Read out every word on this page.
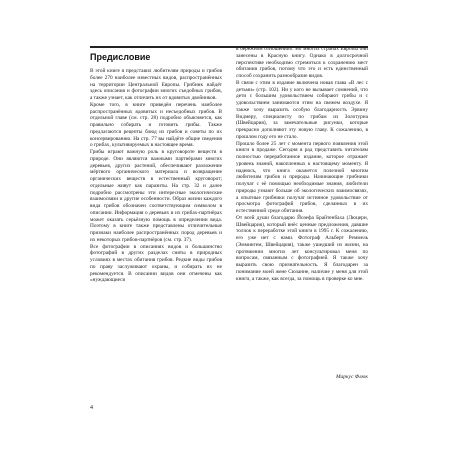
Предисловие

В этой книге я представил любителям природы и грибов более 270 наиболее известных видов, распространённых на территории Центральной Европы. Грибник найдёт здесь описания и фотографии многих съедобных грибов, а также узнает, как отличить их от ядовитых двойников.

Кроме того, в книге приведён перечень наиболее распространённых ядовитых и несъедобных грибов. В отдельной главе (см. стр. 28) подробно объясняется, как правильно собирать и готовить грибы. Также предлагаются рецепты блюд из грибов и советы по их консервированию. На стр. 77 вы найдёте общие сведения о грибах, культивируемых в настоящее время.

Грибы играют важную роль в круговороте веществ в природе. Они являются важными партнёрами многих деревьев, других растений, обеспечивают разложение мёртвого органического материала и возвращение органических веществ в естественный круговорот; отдельные живут как паразиты. На стр. 32 и далее подробно рассмотрены эти интересные экологические взаимосвязи и другие особенности. Образ жизни каждого вида грибов обозначен соответствующим символом в описании. Информация о деревьях и их грибах-партнёрах может оказать серьёзную помощь в определении вида. Поэтому в книге также представлены отличительные признаки наиболее распространённых пород деревьев и их некоторых грибов-партнёров (см. стр. 37).

Все фотографии в описаниях видов и большинство фотографий в других разделах сняты в природных условиях в местах обитания грибов. Редкие виды грибов по праву заслуживают охраны, и собирать их не рекомендуется. В описании видов они отмечены как «нуждающиеся

в бережном отношении». Во многих странах Европы они занесены в Красную книгу. Однако в долгосрочной перспективе необходимо стремиться к сохранению мест обитания грибов, потому что это и есть единственный способ сохранить разнообразие видов.

В связи с этим в издание включена новая глава «В лес с детьми» (стр. 102). Ни у кого не вызывает сомнений, что дети с большим удовольствием собирают грибы и с удовольствием занимаются этим на свежем воздухе. Я также хочу выразить особую благодарность Эрвину Видмеру, специалисту по грибам из Золотурна (Швейцария), за замечательные рисунки, которые прекрасно дополняют эту новую главу. К сожалению, в прошлом году его не стало.

Прошло более 25 лет с момента первого появления этой книги в продаже. Сегодня я рад представить читателям полностью переработанное издание, которое отражает уровень знаний, накопленных к настоящему моменту. Я надеюсь, что книга окажется полезной многим любителям грибов и природы. Начинающие грибники получат с её помощью необходимые знания, любители природы узнают больше об экологических взаимосвязях, а опытные грибники получат истинное удовольствие от просмотра фотографий грибов, сделанных в их естественной среде обитания.

От всей души благодарю Йозефа Брайтенбаха (Люцерн, Швейцария), который внёс ценные предложения, давшие толчок к переработке этой книги в 1995 г. К сожалению, его уже нет с нами. Фотограф Альберт Реммель (Эммингем, Швейцария), также ушедший из жизни, на протяжении многих лет консультировал меня по вопросам, связанным с фотографией. Я также хочу выразить свою признательность. Я благодарен за понимание моей жене Сюзанне, наличие у меня для этой книги, а также, как всегда, за помощь в проверке ко мне.

Маркус Флюк
4
